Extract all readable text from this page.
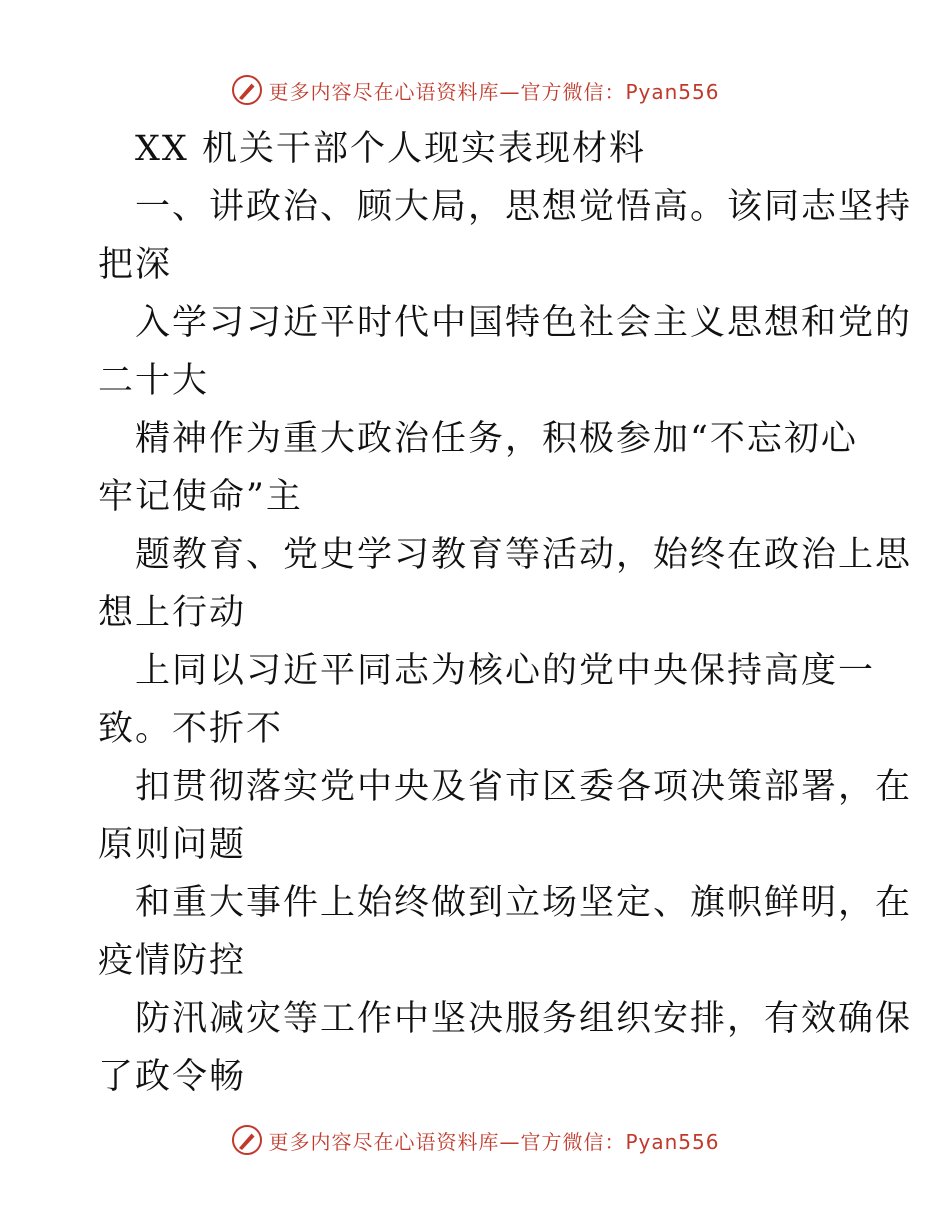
更多内容尽在心语资料库—官方微信：Pyan556
XX 机关干部个人现实表现材料
一、讲政治、顾大局，思想觉悟高。该同志坚持
把深
入学习习近平时代中国特色社会主义思想和党的
二十大
精神作为重大政治任务，积极参加“不忘初心
牢记使命”主
题教育、党史学习教育等活动，始终在政治上思
想上行动
上同以习近平同志为核心的党中央保持高度一
致。不折不
扣贯彻落实党中央及省市区委各项决策部署，在
原则问题
和重大事件上始终做到立场坚定、旗帜鲜明，在
疫情防控
防汛减灾等工作中坚决服务组织安排，有效确保
了政令畅
更多内容尽在心语资料库—官方微信：Pyan556
